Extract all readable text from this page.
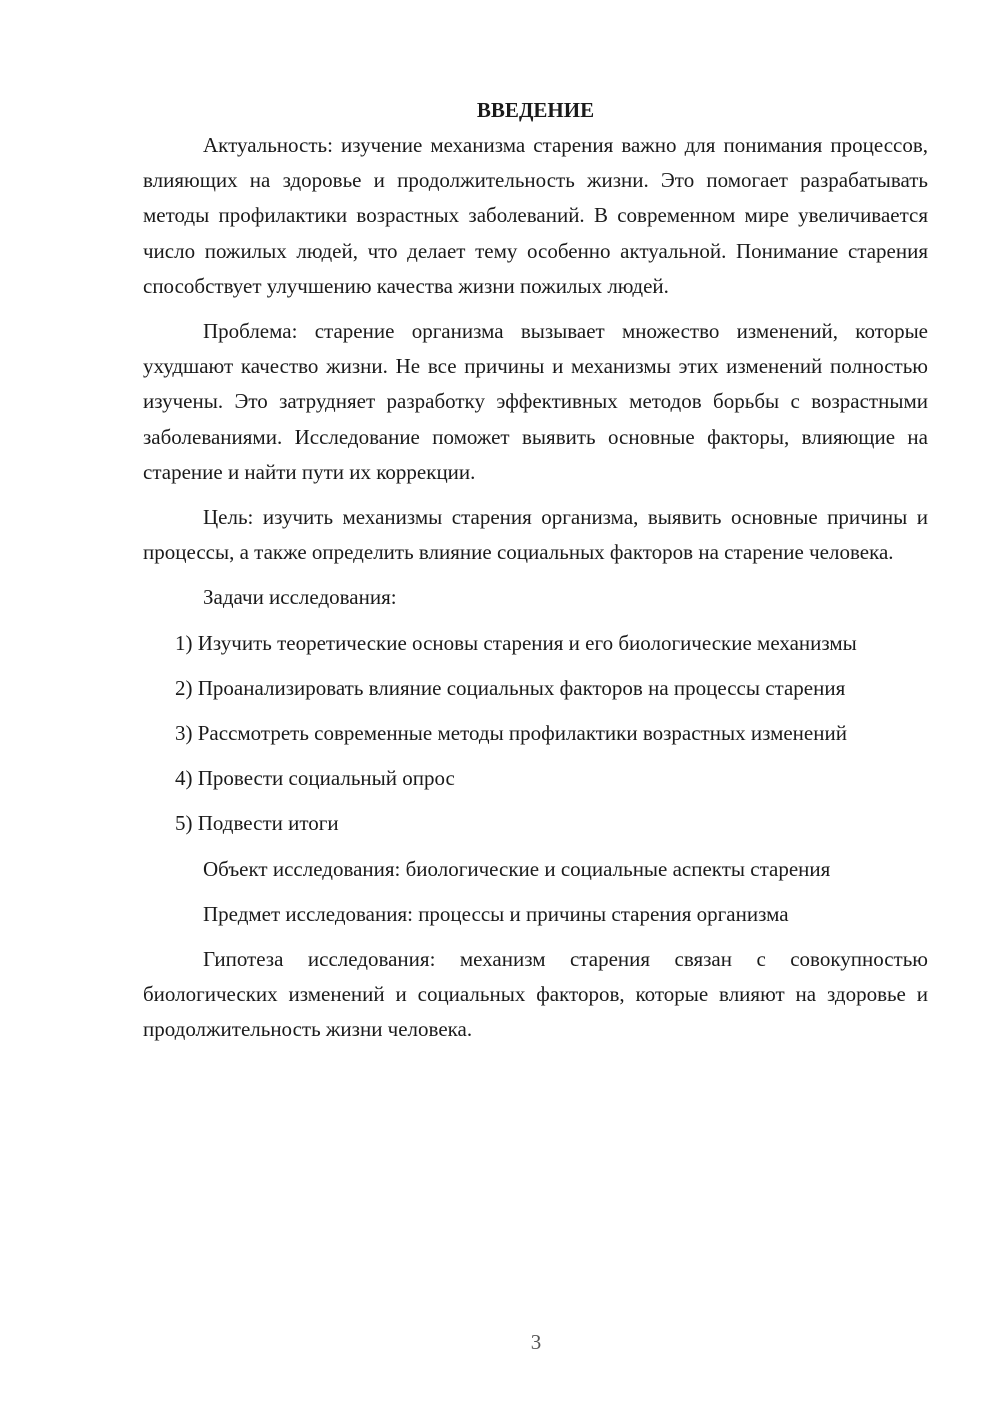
ВВЕДЕНИЕ

Актуальность: изучение механизма старения важно для понимания процессов, влияющих на здоровье и продолжительность жизни. Это помогает разрабатывать методы профилактики возрастных заболеваний. В современном мире увеличивается число пожилых людей, что делает тему особенно актуальной. Понимание старения способствует улучшению качества жизни пожилых людей.

Проблема: старение организма вызывает множество изменений, которые ухудшают качество жизни. Не все причины и механизмы этих изменений полностью изучены. Это затрудняет разработку эффективных методов борьбы с возрастными заболеваниями. Исследование поможет выявить основные факторы, влияющие на старение и найти пути их коррекции.

Цель: изучить механизмы старения организма, выявить основные причины и процессы, а также определить влияние социальных факторов на старение человека.

Задачи исследования:

1) Изучить теоретические основы старения и его биологические механизмы

2) Проанализировать влияние социальных факторов на процессы старения

3) Рассмотреть современные методы профилактики возрастных изменений

4) Провести социальный опрос

5) Подвести итоги

Объект исследования: биологические и социальные аспекты старения

Предмет исследования: процессы и причины старения организма

Гипотеза исследования: механизм старения связан с совокупностью биологических изменений и социальных факторов, которые влияют на здоровье и продолжительность жизни человека.

3
